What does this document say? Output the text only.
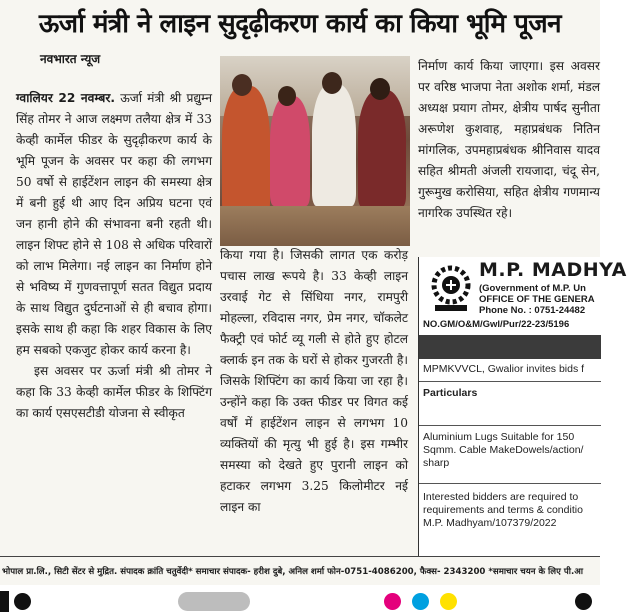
ऊर्जा मंत्री ने लाइन सुदृढ़ीकरण कार्य का किया भूमि पूजन
नवभारत न्यूज

ग्वालियर 22 नवम्बर. ऊर्जा मंत्री श्री प्रद्युम्न सिंह तोमर ने आज लक्ष्मण तलैया क्षेत्र में 33 केव्ही कार्मेल फीडर के सुदृढ़ीकरण कार्य के भूमि पूजन के अवसर पर कहा की लगभग 50 वर्षो से हाईटेंशन लाइन की समस्या क्षेत्र में बनी हुई थी आए दिन अप्रिय घटना एवं जन हानी होने की संभावना बनी रहती थी। लाइन शिफ्ट होने से 108 से अधिक परिवारों को लाभ मिलेगा। नई लाइन का निर्माण होने से भविष्य में गुणवत्तापूर्ण सतत विद्युत प्रदाय के साथ विद्युत दुर्घटनाओं से ही बचाव होगा। इसके साथ ही कहा कि शहर विकास के लिए हम सबको एकजुट होकर कार्य करना है।

इस अवसर पर ऊर्जा मंत्री श्री तोमर ने कहा कि 33 केव्ही कार्मेल फीडर के शिफ्टिंग का कार्य एसएसटीडी योजना से स्वीकृत

किया गया है। जिसकी लागत एक करोड़ पचास लाख रूपये है। 33 केव्ही लाइन उरवाई गेट से सिंधिया नगर, रामपुरी मोहल्ला, रविदास नगर, प्रेम नगर, चॉकलेट फैक्ट्री एवं फोर्ट व्यू गली से होते हुए होटल क्लार्क इन तक के घरों से होकर गुजरती है। जिसके शिफ्टिंग का कार्य किया जा रहा है। उन्होंने कहा कि उक्त फीडर पर विगत कई वर्षों में हाईटेंशन लाइन से लगभग 10 व्यक्तियों की मृत्यु भी हुई है। इस गम्भीर समस्या को देखते हुए पुरानी लाइन को हटाकर लगभग 3.25 किलोमीटर नई लाइन का

निर्माण कार्य किया जाएगा। इस अवसर पर वरिष्ठ भाजपा नेता अशोक शर्मा, मंडल अध्यक्ष प्रयाग तोमर, क्षेत्रीय पार्षद सुनीता अरूणेश कुशवाह, महाप्रबंधक नितिन मांगलिक, उपमहाप्रबंधक श्रीनिवास यादव सहित श्रीमती अंजली रायजादा, चंदू सेन, गुरूमुख करोसिया, सहित क्षेत्रीय गणमान्य नागरिक उपस्थित रहे।

M.P. MADHYA
(Government of M.P. Un
OFFICE OF THE GENERA
Phone No. : 0751-24482
NO.GM/O&M/Gwl/Pur/22-23/5196
MPMKVVCL, Gwalior invites bids f
Particulars
Aluminium Lugs Suitable for 150 Sqmm. Cable MakeDowels/action/ sharp
Interested bidders are required to requirements and terms & conditio M.P. Madhyam/107379/2022
भोपाल प्रा.लि., सिटी सेंटर से मुद्रित. संपादक क्रांति चतुर्वेदी* समाचार संपादक- हरीश दुबे, अनिल शर्मा फोन-0751-4086200, फैक्स- 2343200 *समाचार चयन के लिए पी.आ
